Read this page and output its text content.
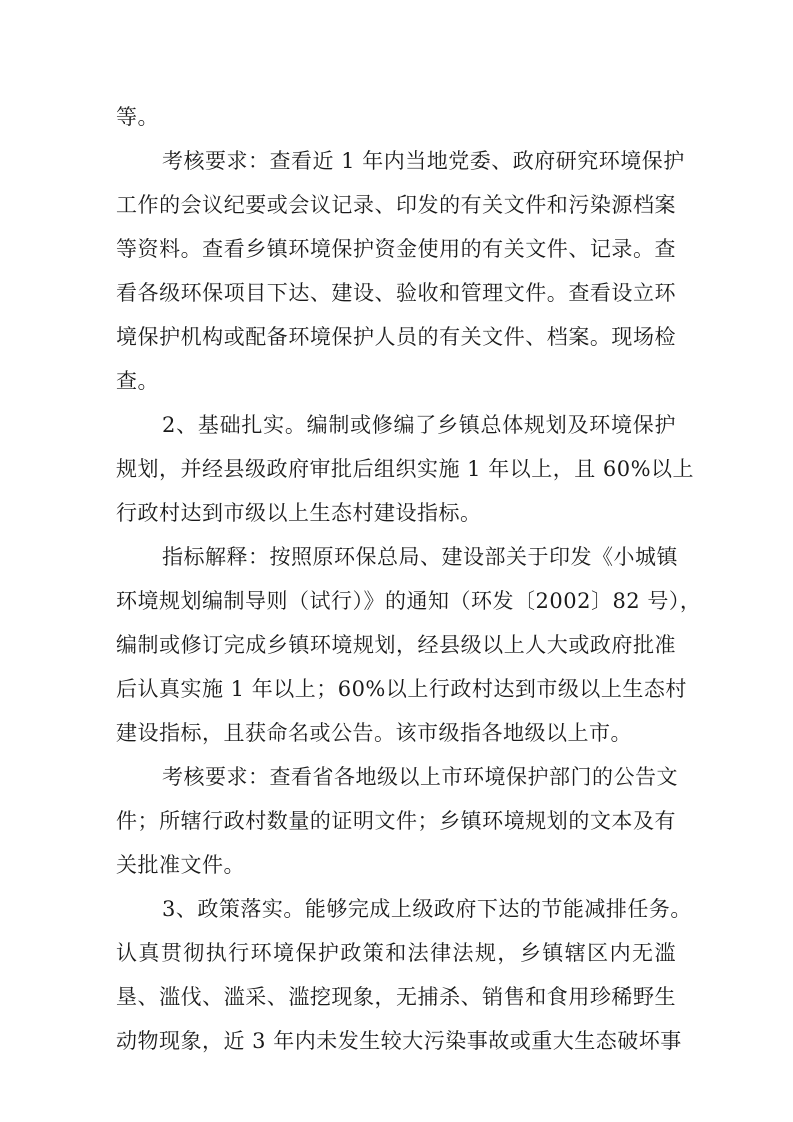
等。
考核要求：查看近 1 年内当地党委、政府研究环境保护
工作的会议纪要或会议记录、印发的有关文件和污染源档案
等资料。查看乡镇环境保护资金使用的有关文件、记录。查
看各级环保项目下达、建设、验收和管理文件。查看设立环
境保护机构或配备环境保护人员的有关文件、档案。现场检
查。
2、基础扎实。编制或修编了乡镇总体规划及环境保护
规划，并经县级政府审批后组织实施 1 年以上，且 60%以上
行政村达到市级以上生态村建设指标。
指标解释：按照原环保总局、建设部关于印发《小城镇
环境规划编制导则（试行）》的通知（环发〔2002〕82 号），
编制或修订完成乡镇环境规划，经县级以上人大或政府批准
后认真实施 1 年以上；60%以上行政村达到市级以上生态村
建设指标，且获命名或公告。该市级指各地级以上市。
考核要求：查看省各地级以上市环境保护部门的公告文
件；所辖行政村数量的证明文件；乡镇环境规划的文本及有
关批准文件。
3、政策落实。能够完成上级政府下达的节能减排任务。
认真贯彻执行环境保护政策和法律法规，乡镇辖区内无滥
垦、滥伐、滥采、滥挖现象，无捕杀、销售和食用珍稀野生
动物现象，近 3 年内未发生较大污染事故或重大生态破坏事
